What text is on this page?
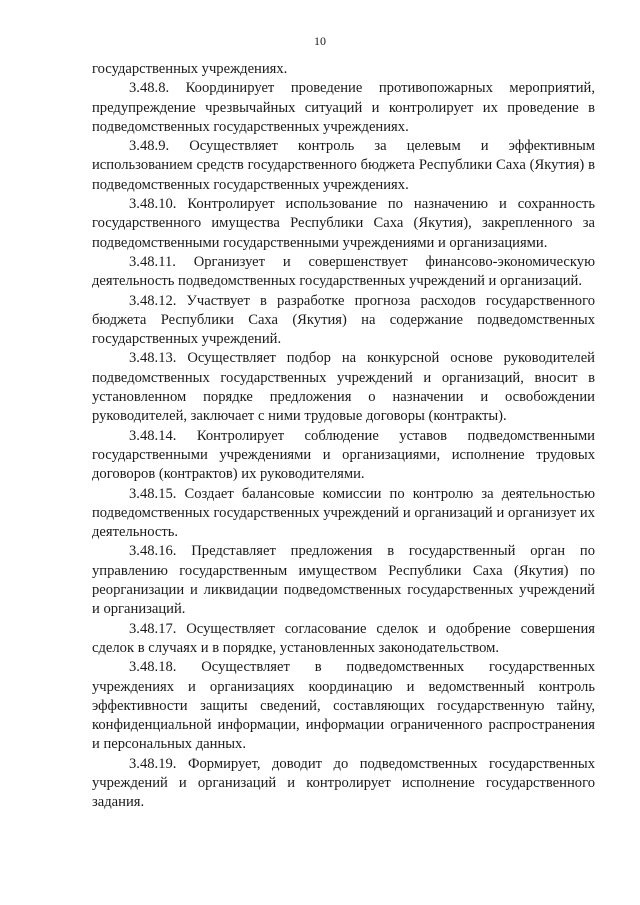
10

государственных учреждениях.

3.48.8. Координирует проведение противопожарных мероприятий, предупреждение чрезвычайных ситуаций и контролирует их проведение в подведомственных государственных учреждениях.

3.48.9. Осуществляет контроль за целевым и эффективным использованием средств государственного бюджета Республики Саха (Якутия) в подведомственных государственных учреждениях.

3.48.10. Контролирует использование по назначению и сохранность государственного имущества Республики Саха (Якутия), закрепленного за подведомственными государственными учреждениями и организациями.

3.48.11. Организует и совершенствует финансово-экономическую деятельность подведомственных государственных учреждений и организаций.

3.48.12. Участвует в разработке прогноза расходов государственного бюджета Республики Саха (Якутия) на содержание подведомственных государственных учреждений.

3.48.13. Осуществляет подбор на конкурсной основе руководителей подведомственных государственных учреждений и организаций, вносит в установленном порядке предложения о назначении и освобождении руководителей, заключает с ними трудовые договоры (контракты).

3.48.14. Контролирует соблюдение уставов подведомственными государственными учреждениями и организациями, исполнение трудовых договоров (контрактов) их руководителями.

3.48.15. Создает балансовые комиссии по контролю за деятельностью подведомственных государственных учреждений и организаций и организует их деятельность.

3.48.16. Представляет предложения в государственный орган по управлению государственным имуществом Республики Саха (Якутия) по реорганизации и ликвидации подведомственных государственных учреждений и организаций.

3.48.17. Осуществляет согласование сделок и одобрение совершения сделок в случаях и в порядке, установленных законодательством.

3.48.18. Осуществляет в подведомственных государственных учреждениях и организациях координацию и ведомственный контроль эффективности защиты сведений, составляющих государственную тайну, конфиденциальной информации, информации ограниченного распространения и персональных данных.

3.48.19. Формирует, доводит до подведомственных государственных учреждений и организаций и контролирует исполнение государственного задания.
